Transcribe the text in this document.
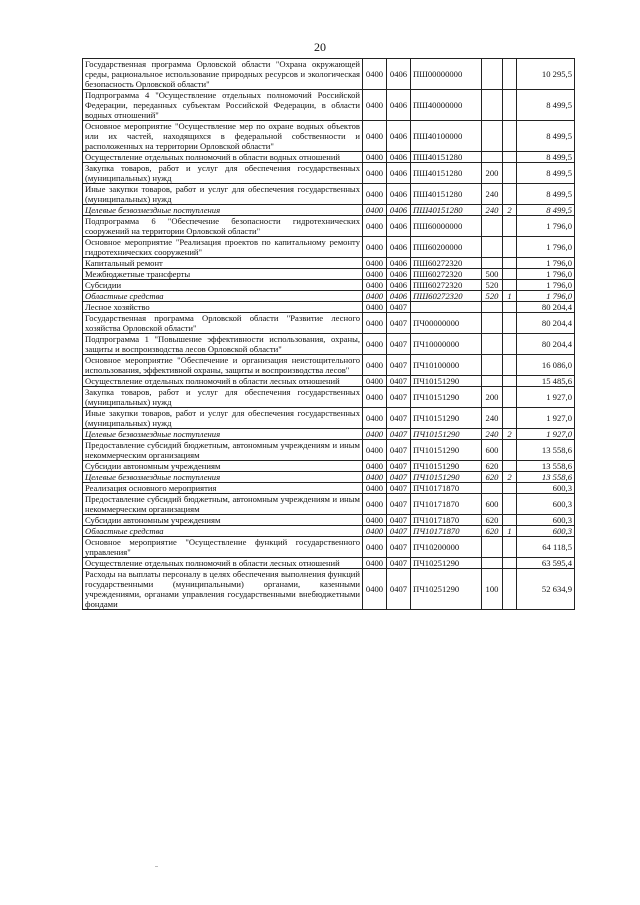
20
Государственная программа Орловской области "Охрана окружающей среды, рациональное использование природных ресурсов и экологическая безопасность Орловской области"	0400	0406	ПШ00000000			10 295,5
Подпрограмма 4 "Осуществление отдельных полномочий Российской Федерации, переданных субъектам Российской Федерации, в области водных отношений"	0400	0406	ПШ40000000			8 499,5
Основное мероприятие "Осуществление мер по охране водных объектов или их частей, находящихся в федеральной собственности и расположенных на территории Орловской области"	0400	0406	ПШ40100000			8 499,5
Осуществление отдельных полномочий в области водных отношений	0400	0406	ПШ40151280			8 499,5
Закупка товаров, работ и услуг для обеспечения государственных (муниципальных) нужд	0400	0406	ПШ40151280	200		8 499,5
Иные закупки товаров, работ и услуг для обеспечения государственных (муниципальных) нужд	0400	0406	ПШ40151280	240		8 499,5
Целевые безвозмездные поступления	0400	0406	ПШ40151280	240	2	8 499,5
Подпрограмма 6 "Обеспечение безопасности гидротехнических сооружений на территории Орловской области"	0400	0406	ПШ60000000			1 796,0
Основное мероприятие "Реализация проектов по капитальному ремонту гидротехнических сооружений"	0400	0406	ПШ60200000			1 796,0
Капитальный ремонт	0400	0406	ПШ60272320			1 796,0
Межбюджетные трансферты	0400	0406	ПШ60272320	500		1 796,0
Субсидии	0400	0406	ПШ60272320	520		1 796,0
Областные средства	0400	0406	ПШ60272320	520	1	1 796,0
Лесное хозяйство	0400	0407				80 204,4
Государственная программа Орловской области "Развитие лесного хозяйства Орловской области"	0400	0407	ПЧ00000000			80 204,4
Подпрограмма 1 "Повышение эффективности использования, охраны, защиты и воспроизводства лесов Орловской области"	0400	0407	ПЧ10000000			80 204,4
Основное мероприятие "Обеспечение и организация неистощительного использования, эффективной охраны, защиты и воспроизводства лесов"	0400	0407	ПЧ10100000			16 086,0
Осуществление отдельных полномочий в области лесных отношений	0400	0407	ПЧ10151290			15 485,6
Закупка товаров, работ и услуг для обеспечения государственных (муниципальных) нужд	0400	0407	ПЧ10151290	200		1 927,0
Иные закупки товаров, работ и услуг для обеспечения государственных (муниципальных) нужд	0400	0407	ПЧ10151290	240		1 927,0
Целевые безвозмездные поступления	0400	0407	ПЧ10151290	240	2	1 927,0
Предоставление субсидий бюджетным, автономным учреждениям и иным некоммерческим организациям	0400	0407	ПЧ10151290	600		13 558,6
Субсидии автономным учреждениям	0400	0407	ПЧ10151290	620		13 558,6
Целевые безвозмездные поступления	0400	0407	ПЧ10151290	620	2	13 558,6
Реализация основного мероприятия	0400	0407	ПЧ10171870			600,3
Предоставление субсидий бюджетным, автономным учреждениям и иным некоммерческим организациям	0400	0407	ПЧ10171870	600		600,3
Субсидии автономным учреждениям	0400	0407	ПЧ10171870	620		600,3
Областные средства	0400	0407	ПЧ10171870	620	1	600,3
Основное мероприятие "Осуществление функций государственного управления"	0400	0407	ПЧ10200000			64 118,5
Осуществление отдельных полномочий в области лесных отношений	0400	0407	ПЧ10251290			63 595,4
Расходы на выплаты персоналу в целях обеспечения выполнения функций государственными (муниципальными) органами, казенными учреждениями, органами управления государственными внебюджетными фондами	0400	0407	ПЧ10251290	100		52 634,9
